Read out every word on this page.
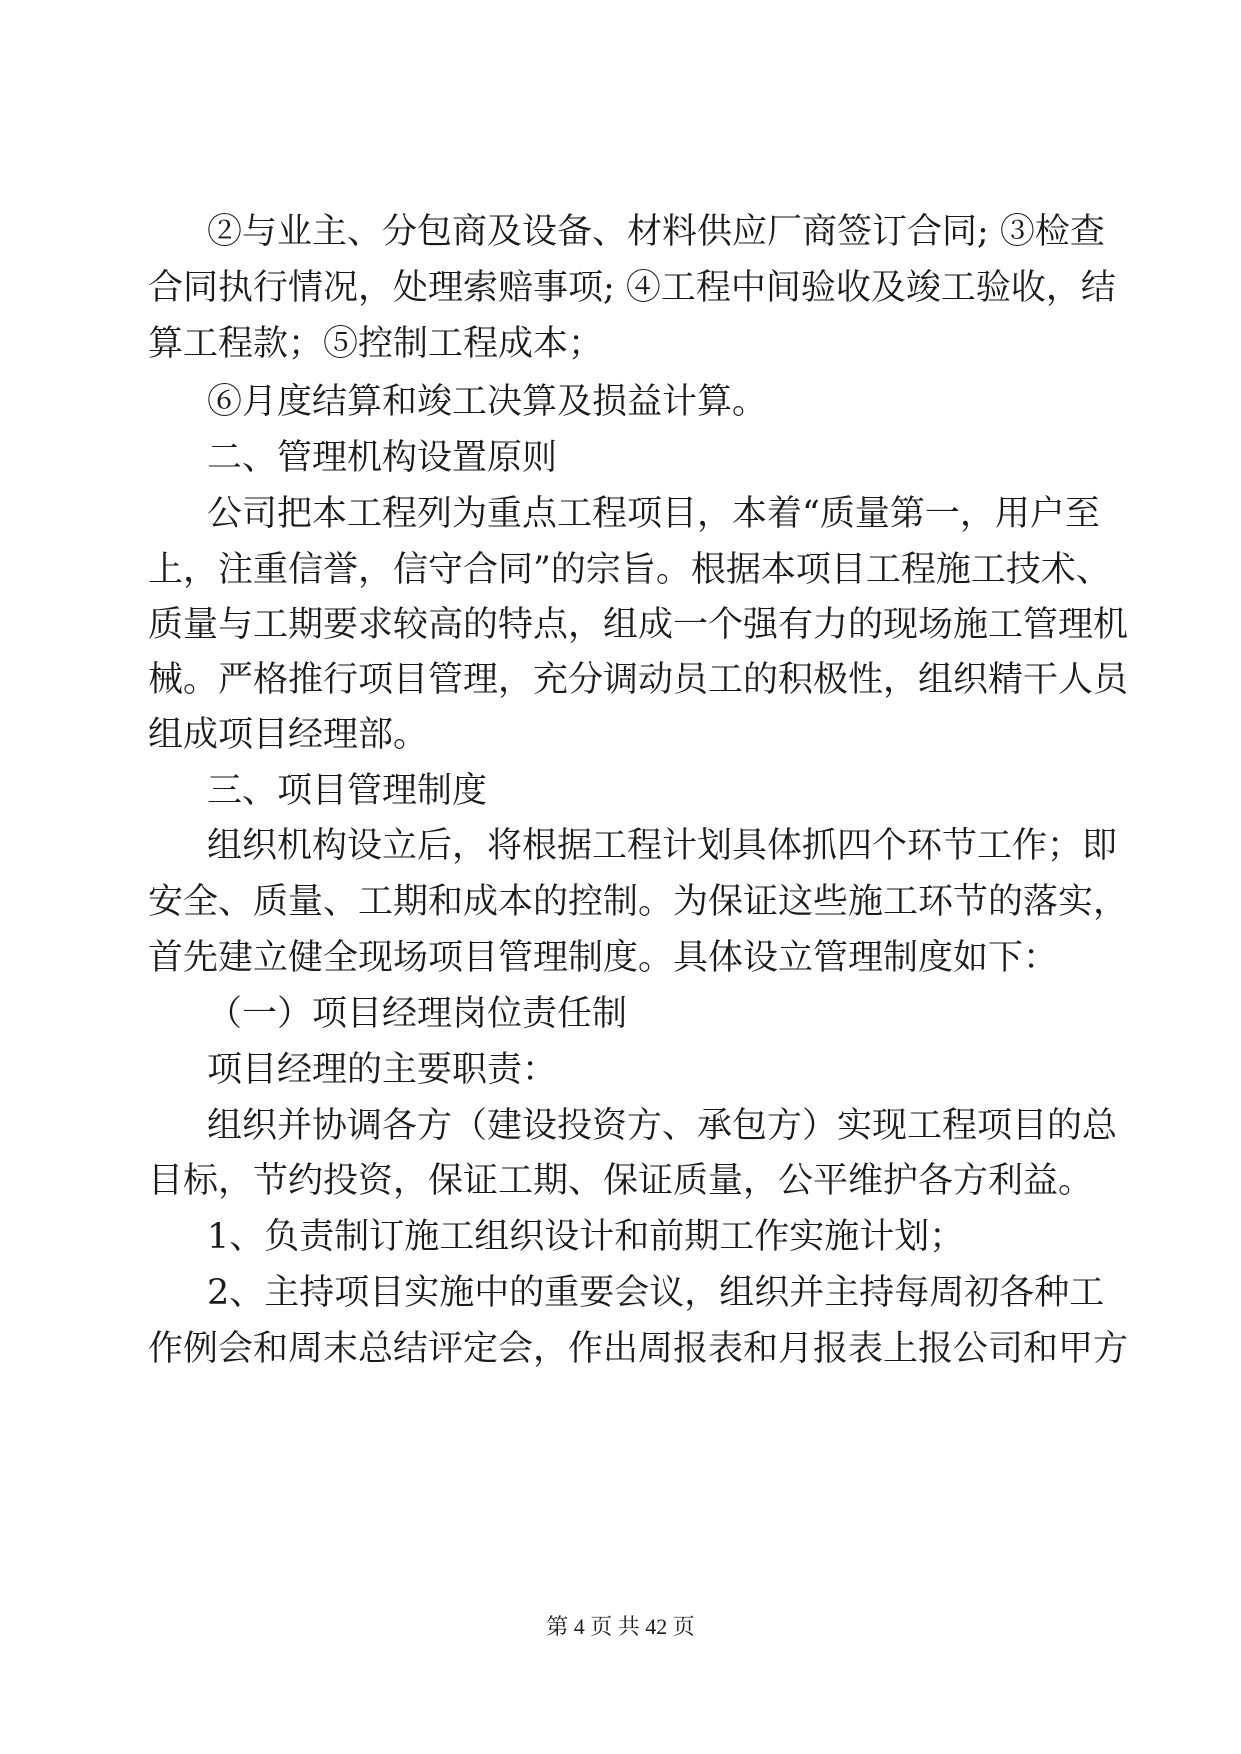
②与业主、分包商及设备、材料供应厂商签订合同; ③检查

合同执行情况，处理索赔事项; ④工程中间验收及竣工验收，结

算工程款；⑤控制工程成本；

⑥月度结算和竣工决算及损益计算。

二、管理机构设置原则

公司把本工程列为重点工程项目，本着“质量第一，用户至

上，注重信誉，信守合同”的宗旨。根据本项目工程施工技术、

质量与工期要求较高的特点，组成一个强有力的现场施工管理机

械。严格推行项目管理，充分调动员工的积极性，组织精干人员

组成项目经理部。

三、项目管理制度

组织机构设立后，将根据工程计划具体抓四个环节工作；即

安全、质量、工期和成本的控制。为保证这些施工环节的落实，

首先建立健全现场项目管理制度。具体设立管理制度如下：

（一）项目经理岗位责任制

项目经理的主要职责：

组织并协调各方（建设投资方、承包方）实现工程项目的总

目标，节约投资，保证工期、保证质量，公平维护各方利益。

1、负责制订施工组织设计和前期工作实施计划；

2、主持项目实施中的重要会议，组织并主持每周初各种工

作例会和周末总结评定会，作出周报表和月报表上报公司和甲方

第 4 页 共 42 页
